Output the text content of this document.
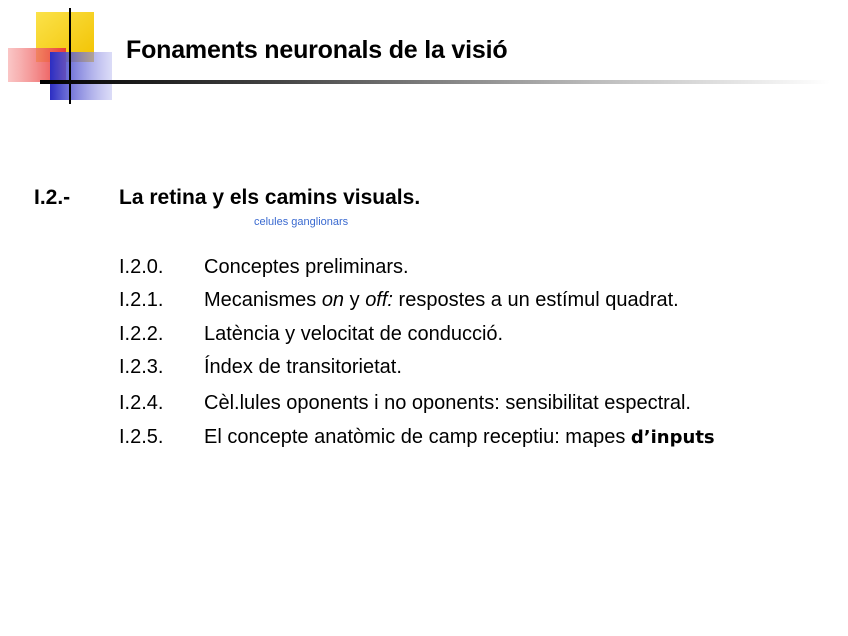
Fonaments neuronals de la visió
I.2.- La retina y els camins visuals.
celules ganglionars
I.2.0. Conceptes preliminars.
I.2.1. Mecanismes on y off: respostes a un estímul quadrat.
I.2.2. Latència y velocitat de conducció.
I.2.3. Índex de transitorietat.
I.2.4. Cèl.lules oponents i no oponents: sensibilitat espectral.
I.2.5. El concepte anatòmic de camp receptiu: mapes d’inputs
